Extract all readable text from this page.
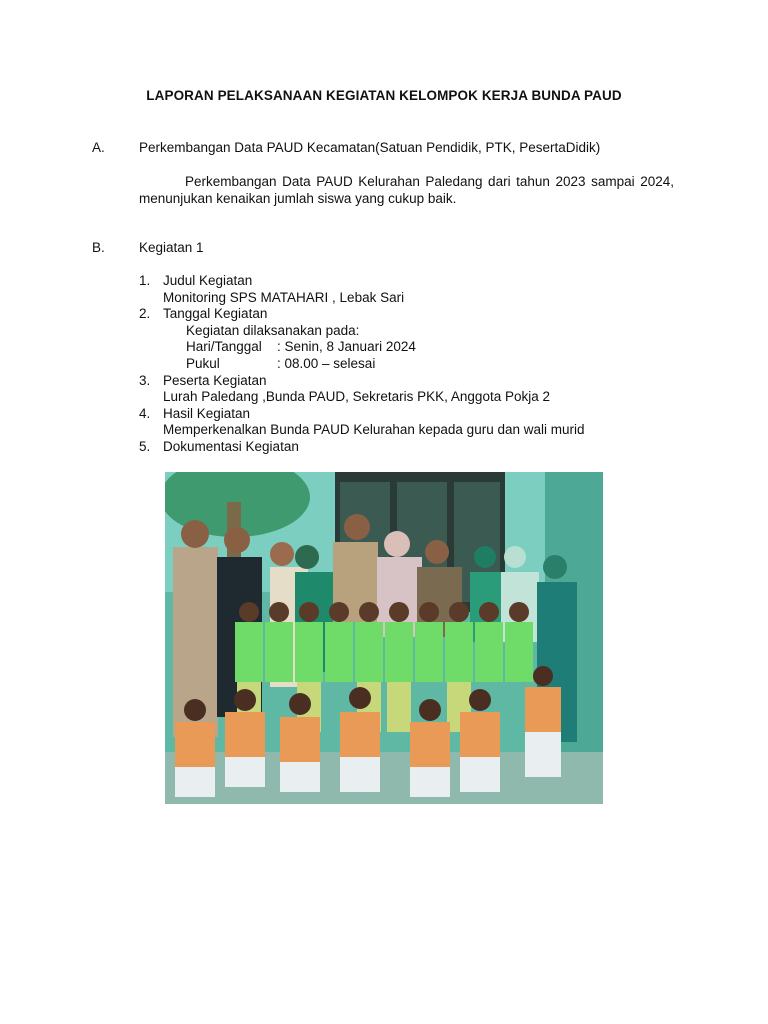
LAPORAN PELAKSANAAN KEGIATAN KELOMPOK KERJA BUNDA PAUD
A.	Perkembangan Data PAUD Kecamatan(Satuan Pendidik, PTK, PesertaDidik)
Perkembangan Data PAUD Kelurahan Paledang dari tahun 2023 sampai 2024, menunjukan kenaikan jumlah siswa yang cukup baik.
B.	Kegiatan 1
1. Judul Kegiatan
Monitoring SPS MATAHARI , Lebak Sari
2. Tanggal Kegiatan
Kegiatan dilaksanakan pada:
Hari/Tanggal : Senin, 8 Januari 2024
Pukul	: 08.00 – selesai
3. Peserta Kegiatan
Lurah Paledang ,Bunda PAUD, Sekretaris PKK, Anggota Pokja 2
4. Hasil Kegiatan
Memperkenalkan Bunda PAUD Kelurahan kepada guru dan wali murid
5. Dokumentasi Kegiatan
